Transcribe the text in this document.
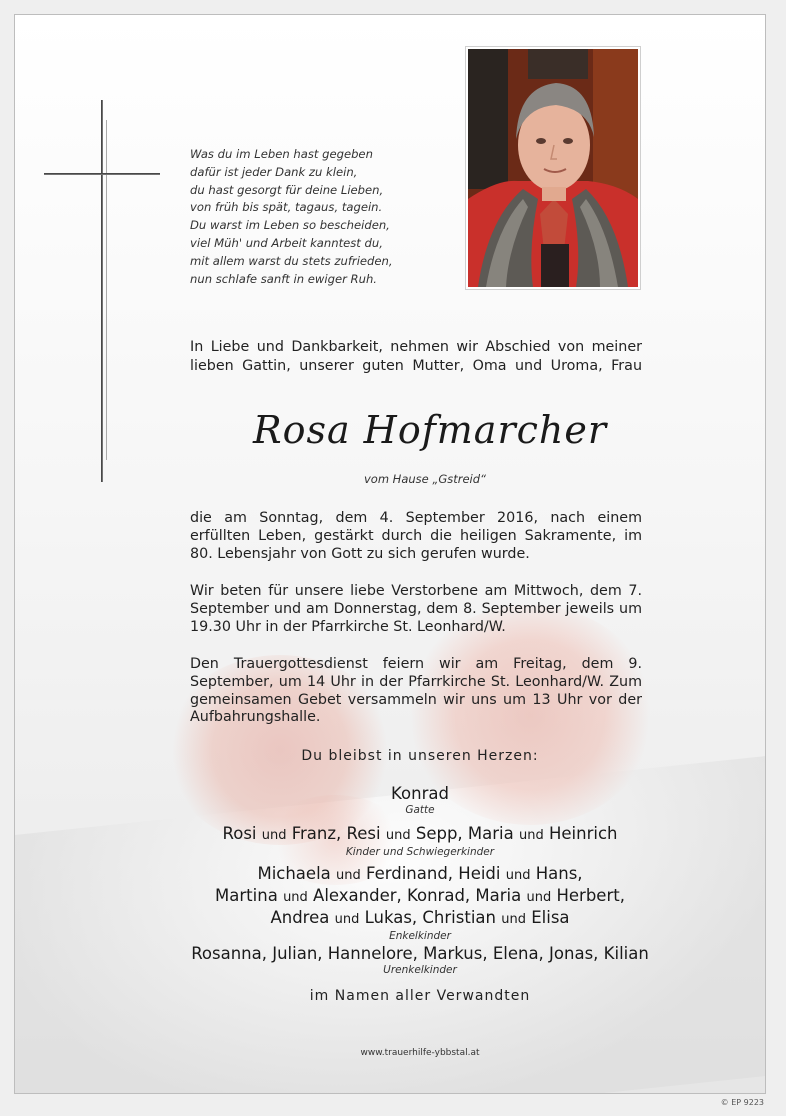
Was du im Leben hast gegeben
dafür ist jeder Dank zu klein,
du hast gesorgt für deine Lieben,
von früh bis spät, tagaus, tagein.
Du warst im Leben so bescheiden,
viel Müh' und Arbeit kanntest du,
mit allem warst du stets zufrieden,
nun schlafe sanft in ewiger Ruh.
In Liebe und Dankbarkeit, nehmen wir Abschied von meiner lieben Gattin, unserer guten Mutter, Oma und Uroma, Frau
Rosa Hofmarcher
vom Hause „Gstreid“
die am Sonntag, dem 4. September 2016, nach einem erfüllten Leben, gestärkt durch die heiligen Sakramente, im 80. Lebensjahr von Gott zu sich gerufen wurde.
Wir beten für unsere liebe Verstorbene am Mittwoch, dem 7. September und am Donnerstag, dem 8. September jeweils um 19.30 Uhr in der Pfarrkirche St. Leonhard/W.
Den Trauergottesdienst feiern wir am Freitag, dem 9. September, um 14 Uhr in der Pfarrkirche St. Leonhard/W. Zum gemeinsamen Gebet versammeln wir uns um 13 Uhr vor der Aufbahrungshalle.
Du bleibst in unseren Herzen:
Konrad
Gatte
Rosi und Franz, Resi und Sepp, Maria und Heinrich
Kinder und Schwiegerkinder
Michaela und Ferdinand, Heidi und Hans,
Martina und Alexander, Konrad, Maria und Herbert,
Andrea und Lukas, Christian und Elisa
Enkelkinder
Rosanna, Julian, Hannelore, Markus, Elena, Jonas, Kilian
Urenkelkinder
im Namen aller Verwandten
www.trauerhilfe-ybbstal.at
© EP 9223
